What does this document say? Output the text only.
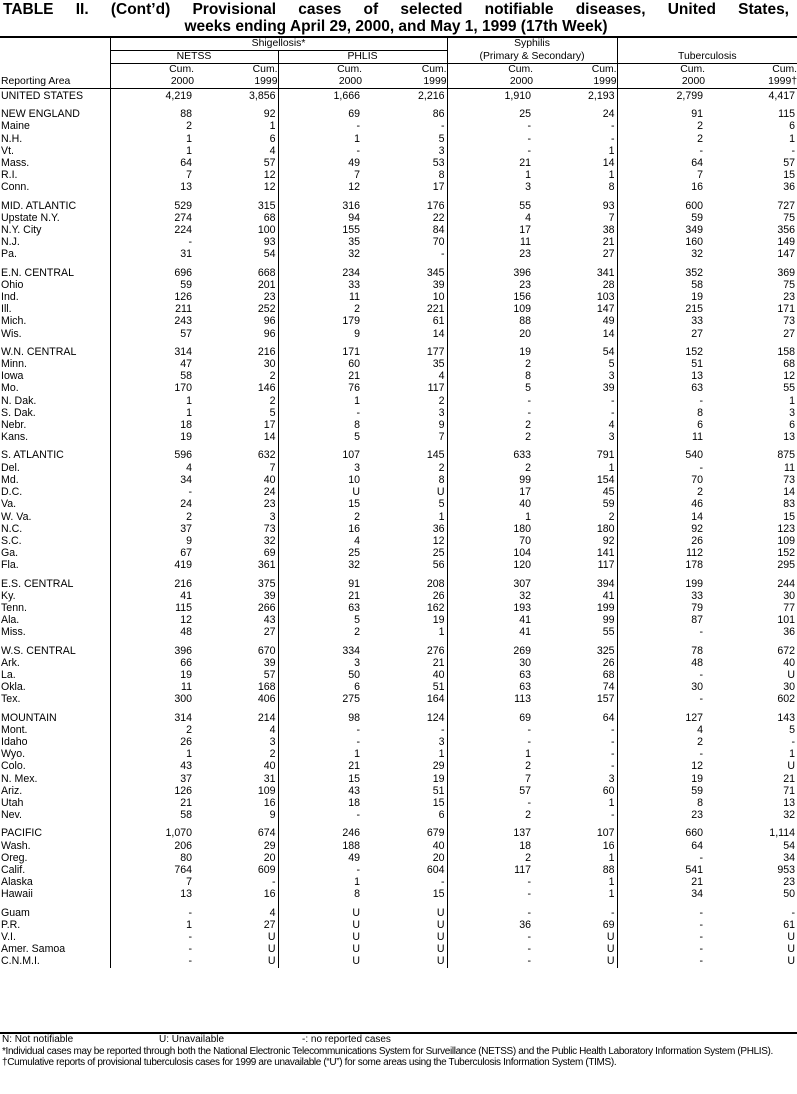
TABLE II. (Cont’d) Provisional cases of selected notifiable diseases, United States,
weeks ending April 29, 2000, and May 1, 1999 (17th Week)
	Shigellosis*				Syphilis			
	NETSS		PHLIS		(Primary & Secondary)		Tuberculosis	
	Cum.	Cum.	Cum.	Cum.	Cum.	Cum.	Cum.	Cum.
Reporting Area	2000	1999	2000	1999	2000	1999	2000	1999†
UNITED STATES	4,219	3,856	1,666	2,216	1,910	2,193	2,799	4,417

NEW ENGLAND	88	92	69	86	25	24	91	115
Maine	2	1	-	-	-	-	2	6
N.H.	1	6	1	5	-	-	2	1
Vt.	1	4	-	3	-	1	-	-
Mass.	64	57	49	53	21	14	64	57
R.I.	7	12	7	8	1	1	7	15
Conn.	13	12	12	17	3	8	16	36

MID. ATLANTIC	529	315	316	176	55	93	600	727
Upstate N.Y.	274	68	94	22	4	7	59	75
N.Y. City	224	100	155	84	17	38	349	356
N.J.	-	93	35	70	11	21	160	149
Pa.	31	54	32	-	23	27	32	147

E.N. CENTRAL	696	668	234	345	396	341	352	369
Ohio	59	201	33	39	23	28	58	75
Ind.	126	23	11	10	156	103	19	23
Ill.	211	252	2	221	109	147	215	171
Mich.	243	96	179	61	88	49	33	73
Wis.	57	96	9	14	20	14	27	27

W.N. CENTRAL	314	216	171	177	19	54	152	158
Minn.	47	30	60	35	2	5	51	68
Iowa	58	2	21	4	8	3	13	12
Mo.	170	146	76	117	5	39	63	55
N. Dak.	1	2	1	2	-	-	-	1
S. Dak.	1	5	-	3	-	-	8	3
Nebr.	18	17	8	9	2	4	6	6
Kans.	19	14	5	7	2	3	11	13

S. ATLANTIC	596	632	107	145	633	791	540	875
Del.	4	7	3	2	2	1	-	11
Md.	34	40	10	8	99	154	70	73
D.C.	-	24	U	U	17	45	2	14
Va.	24	23	15	5	40	59	46	83
W. Va.	2	3	2	1	1	2	14	15
N.C.	37	73	16	36	180	180	92	123
S.C.	9	32	4	12	70	92	26	109
Ga.	67	69	25	25	104	141	112	152
Fla.	419	361	32	56	120	117	178	295

E.S. CENTRAL	216	375	91	208	307	394	199	244
Ky.	41	39	21	26	32	41	33	30
Tenn.	115	266	63	162	193	199	79	77
Ala.	12	43	5	19	41	99	87	101
Miss.	48	27	2	1	41	55	-	36

W.S. CENTRAL	396	670	334	276	269	325	78	672
Ark.	66	39	3	21	30	26	48	40
La.	19	57	50	40	63	68	-	U
Okla.	11	168	6	51	63	74	30	30
Tex.	300	406	275	164	113	157	-	602

MOUNTAIN	314	214	98	124	69	64	127	143
Mont.	2	4	-	-	-	-	4	5
Idaho	26	3	-	3	-	-	2	-
Wyo.	1	2	1	1	1	-	-	1
Colo.	43	40	21	29	2	-	12	U
N. Mex.	37	31	15	19	7	3	19	21
Ariz.	126	109	43	51	57	60	59	71
Utah	21	16	18	15	-	1	8	13
Nev.	58	9	-	6	2	-	23	32

PACIFIC	1,070	674	246	679	137	107	660	1,114
Wash.	206	29	188	40	18	16	64	54
Oreg.	80	20	49	20	2	1	-	34
Calif.	764	609	-	604	117	88	541	953
Alaska	7	-	1	-	-	1	21	23
Hawaii	13	16	8	15	-	1	34	50

Guam	-	4	U	U	-	-	-	-
P.R.	1	27	U	U	36	69	-	61
V.I.	-	U	U	U	-	U	-	U
Amer. Samoa	-	U	U	U	-	U	-	U
C.N.M.I.	-	U	U	U	-	U	-	U
N: Not notifiable	U: Unavailable	-: no reported cases
*Individual cases may be reported through both the National Electronic Telecommunications System for Surveillance (NETSS) and the Public Health Laboratory Information System (PHLIS).
†Cumulative reports of provisional tuberculosis cases for 1999 are unavailable (“U”) for some areas using the Tuberculosis Information System (TIMS).
